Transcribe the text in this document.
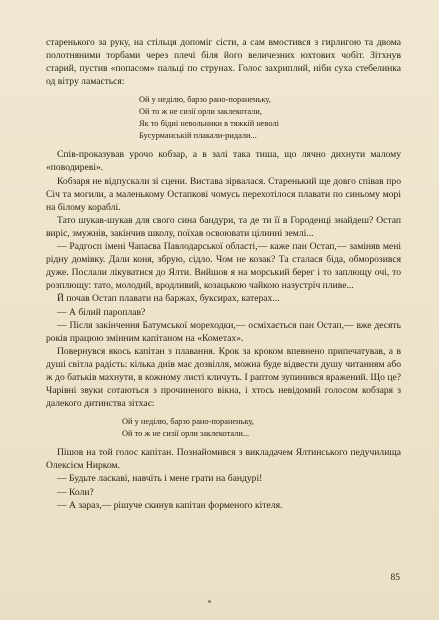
старенького за руку, на стільця допоміг сісти, а сам вмостився з гирлигою та двома полотняними торбами через плечі біля його величезних юхтових чобіт. Зітхнув старий, пустив «попасом» пальці по струнах. Голос захриплий, ніби суха стебелинка од вітру ламається:

Ой у неділю, барзо рано-пораненьку,
Ой то ж не сизії орли заклекотали,
Як то бідиі невольники в тяжкій неволі
Бусурманській плакали-ридали...

Спів-проказував урочо кобзар, а в залі така тиша, що лячно дихнути малому «поводиреві».

Кобзаря не відпускали зі сцени. Вистава зірвалася. Старенький ще довго співав про Січ та могили, а маленькому Остапкові чомусь перехотілося плавати по синьому морі на білому кораблі.

Тато шукав-шукав для свого сина бандури, та де ти її в Городенці знайдеш? Остап виріс, змужнів, закінчив школу, поїхав освоювати цілинні землі...

— Радгосп імені Чапаєва Павлодарської області,— каже пан Остап,— заміняв мені рідну домівку. Дали коня, збрую, сідло. Чом не козак? Та сталася біда, обморозився дуже. Послали лікуватися до Ялти. Вийшов я на морський берег і то заплющу очі, то розплющу: тато, молодий, вродливий, козацькою чайкою назустріч пливе...

Й почав Остап плавати на баржах, буксирах, катерах...

— А білий пароплав?

— Після закінчення Батумської мореходки,— осміхається пан Остап,— вже десять років працюю змінним капітаном на «Кометах».

Повернувся якось капітан з плавання. Крок за кроком впевнено припечатував, а в душі світла радість: кілька днів має дозвілля, можна буде відвести душу читанням або ж до батьків махнути, в кожному листі кличуть. І раптом зупинився вражений. Що це? Чарівні звуки сотаються з прочиненого вікна, і хтось невідомий голосом кобзаря з далекого дитинства зітхає:

Ой у неділю, барзо рано-пораненьку,
Ой то ж не сизії орли заклекотали...

Пішов на той голос капітан. Познайомився з викладачем Ялтинського педучилища Олексієм Нирком.

— Будьте ласкаві, навчіть і мене грати на бандурі!

— Коли?

— А зараз,— рішуче скинув капітан форменого кітеля.

85
